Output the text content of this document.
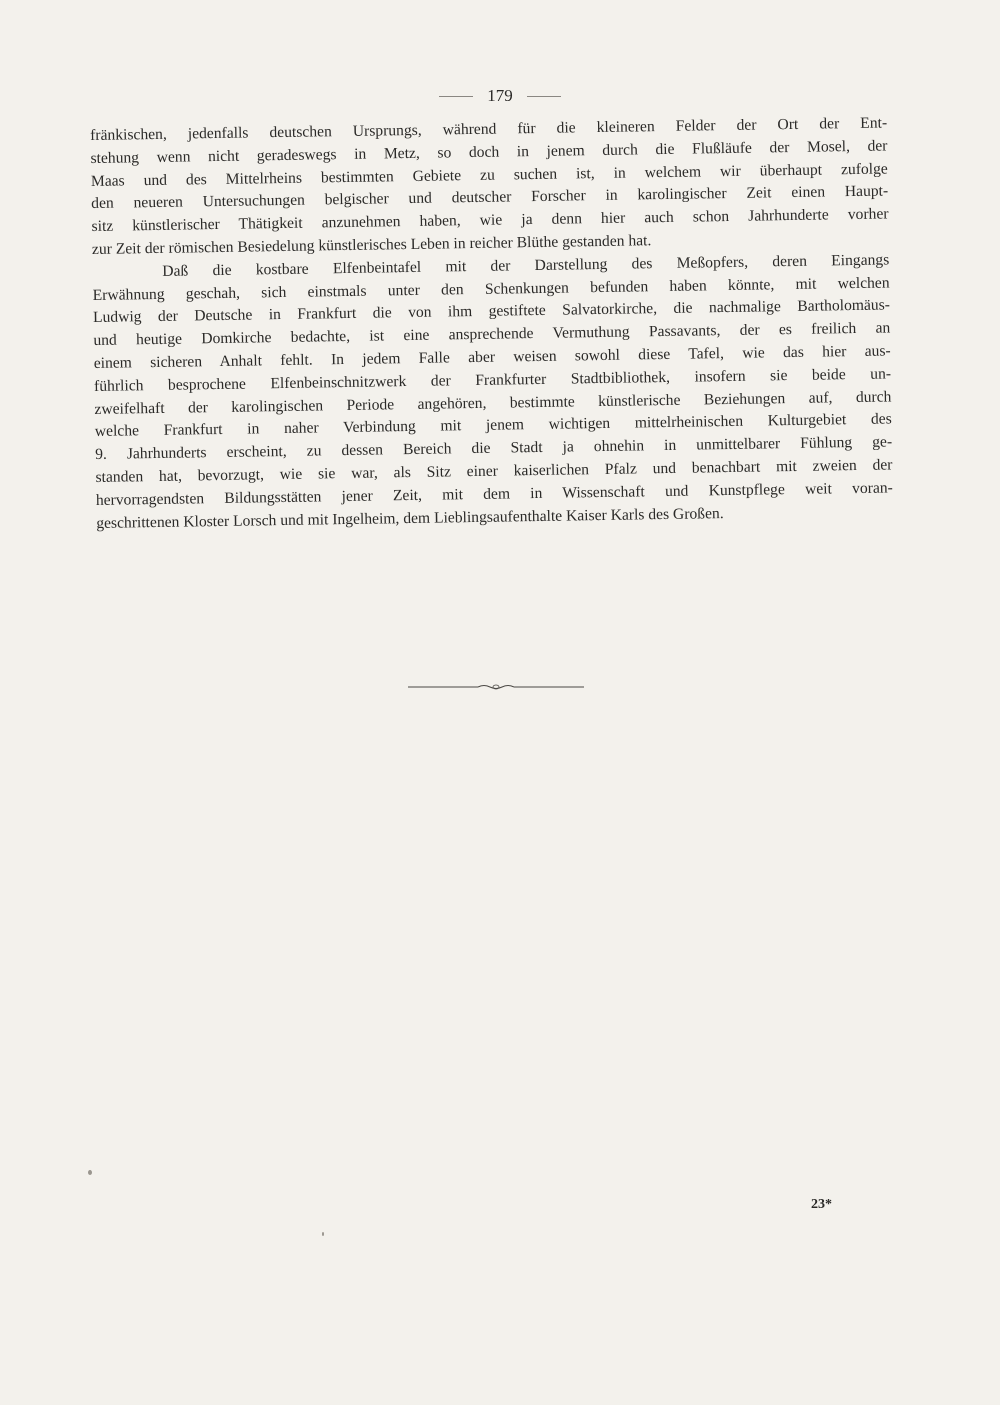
179
fränkischen, jedenfalls deutschen Ursprungs, während für die kleineren Felder der Ort der Ent-
stehung wenn nicht geradeswegs in Metz, so doch in jenem durch die Flußläufe der Mosel, der
Maas und des Mittelrheins bestimmten Gebiete zu suchen ist, in welchem wir überhaupt zufolge
den neueren Untersuchungen belgischer und deutscher Forscher in karolingischer Zeit einen Haupt-
sitz künstlerischer Thätigkeit anzunehmen haben, wie ja denn hier auch schon Jahrhunderte vorher
zur Zeit der römischen Besiedelung künstlerisches Leben in reicher Blüthe gestanden hat.
Daß die kostbare Elfenbeintafel mit der Darstellung des Meßopfers, deren Eingangs
Erwähnung geschah, sich einstmals unter den Schenkungen befunden haben könnte, mit welchen
Ludwig der Deutsche in Frankfurt die von ihm gestiftete Salvatorkirche, die nachmalige Bartholomäus-
und heutige Domkirche bedachte, ist eine ansprechende Vermuthung Passavants, der es freilich an
einem sicheren Anhalt fehlt. In jedem Falle aber weisen sowohl diese Tafel, wie das hier aus-
führlich besprochene Elfenbeinschnitzwerk der Frankfurter Stadtbibliothek, insofern sie beide un-
zweifelhaft der karolingischen Periode angehören, bestimmte künstlerische Beziehungen auf, durch
welche Frankfurt in naher Verbindung mit jenem wichtigen mittelrheinischen Kulturgebiet des
9. Jahrhunderts erscheint, zu dessen Bereich die Stadt ja ohnehin in unmittelbarer Fühlung ge-
standen hat, bevorzugt, wie sie war, als Sitz einer kaiserlichen Pfalz und benachbart mit zweien der
hervorragendsten Bildungsstätten jener Zeit, mit dem in Wissenschaft und Kunstpflege weit voran-
geschrittenen Kloster Lorsch und mit Ingelheim, dem Lieblingsaufenthalte Kaiser Karls des Großen.
23*
